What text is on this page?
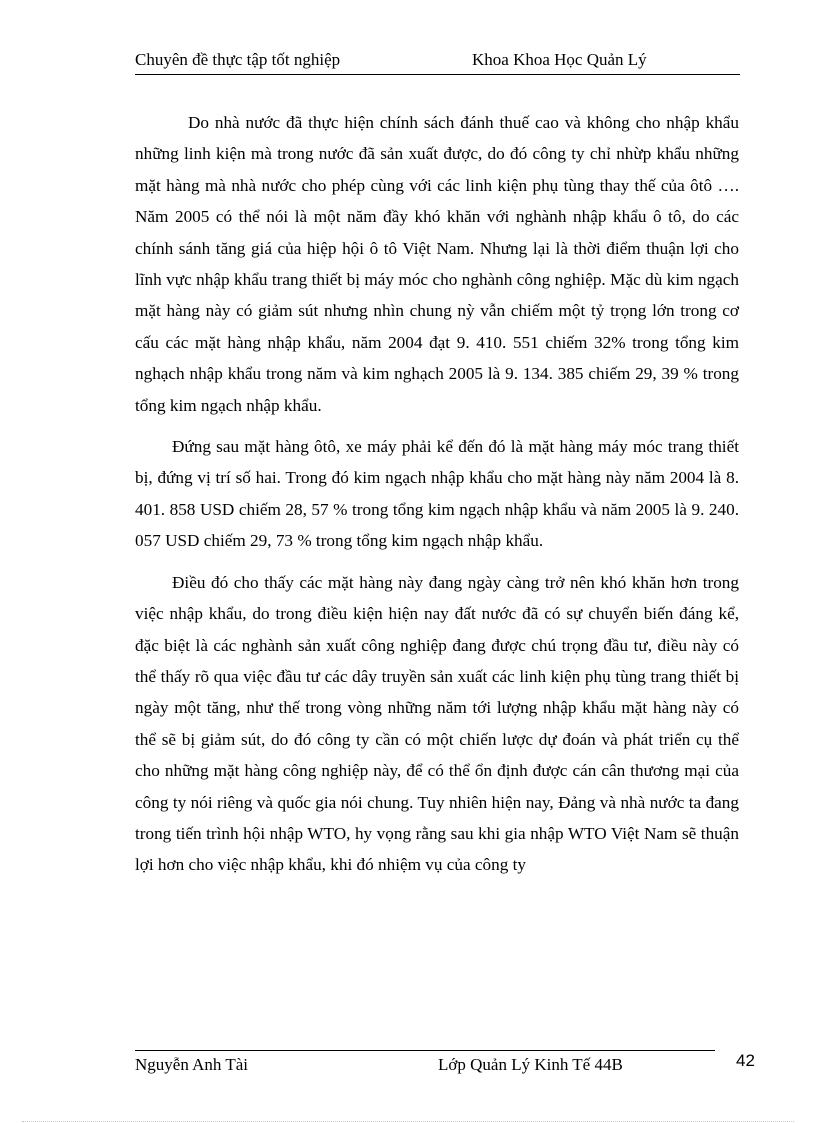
Chuyên đề thực tập tốt nghiệp	Khoa Khoa Học Quản Lý

Do nhà nước đã thực hiện chính sách đánh thuế cao và không cho nhập khẩu những linh kiện mà trong nước đã sản xuất được, do đó công ty chỉ nhừp khẩu những mặt hàng mà nhà nước cho phép cùng với các linh kiện phụ tùng thay thế của ôtô …. Năm 2005 có thể nói là một năm đầy khó khăn với nghành nhập khẩu ô tô, do các chính sánh tăng giá của hiệp hội ô tô Việt Nam. Nhưng lại là thời điểm thuận lợi cho lĩnh vực nhập khẩu trang thiết bị máy móc cho nghành công nghiệp. Mặc dù kim ngạch mặt hàng này có giảm sút nhưng nhìn chung nỳ vẫn chiếm một tỷ trọng lớn trong cơ cấu các mặt hàng nhập khẩu, năm 2004 đạt 9. 410. 551 chiếm 32% trong tổng kim nghạch nhập khẩu trong năm và kim nghạch 2005 là 9. 134. 385 chiếm 29, 39 % trong tổng kim ngạch nhập khẩu.

Đứng sau mặt hàng ôtô, xe máy phải kể đến đó là mặt hàng máy móc trang thiết bị, đứng vị trí số hai. Trong đó kim ngạch nhập khẩu cho mặt hàng này năm 2004 là 8. 401. 858 USD chiếm 28, 57 % trong tổng kim ngạch nhập khẩu và năm 2005 là 9. 240. 057 USD chiếm 29, 73 % trong tổng kim ngạch nhập khẩu.

Điều đó cho thấy các mặt hàng này đang ngày càng trở nên khó khăn hơn trong việc nhập khẩu, do trong điều kiện hiện nay đất nước đã có sự chuyển biến đáng kể, đặc biệt là các nghành sản xuất công nghiệp đang được chú trọng đầu tư, điều này có thể thấy rõ qua việc đầu tư các dây truyền sản xuất các linh kiện phụ tùng trang thiết bị ngày một tăng, như thế trong vòng những năm tới lượng nhập khẩu mặt hàng này có thể sẽ bị giảm sút, do đó công ty cần có một chiến lược dự đoán và phát triển cụ thể cho những mặt hàng công nghiệp này, để có thể ổn định được cán cân thương mại của công ty nói riêng và quốc gia nói chung. Tuy nhiên hiện nay, Đảng và nhà nước ta đang trong tiến trình hội nhập WTO, hy vọng rằng sau khi gia nhập WTO Việt Nam sẽ thuận lợi hơn cho việc nhập khẩu, khi đó nhiệm vụ của công ty

Nguyễn Anh Tài	Lớp Quản Lý Kinh Tế 44B	42
